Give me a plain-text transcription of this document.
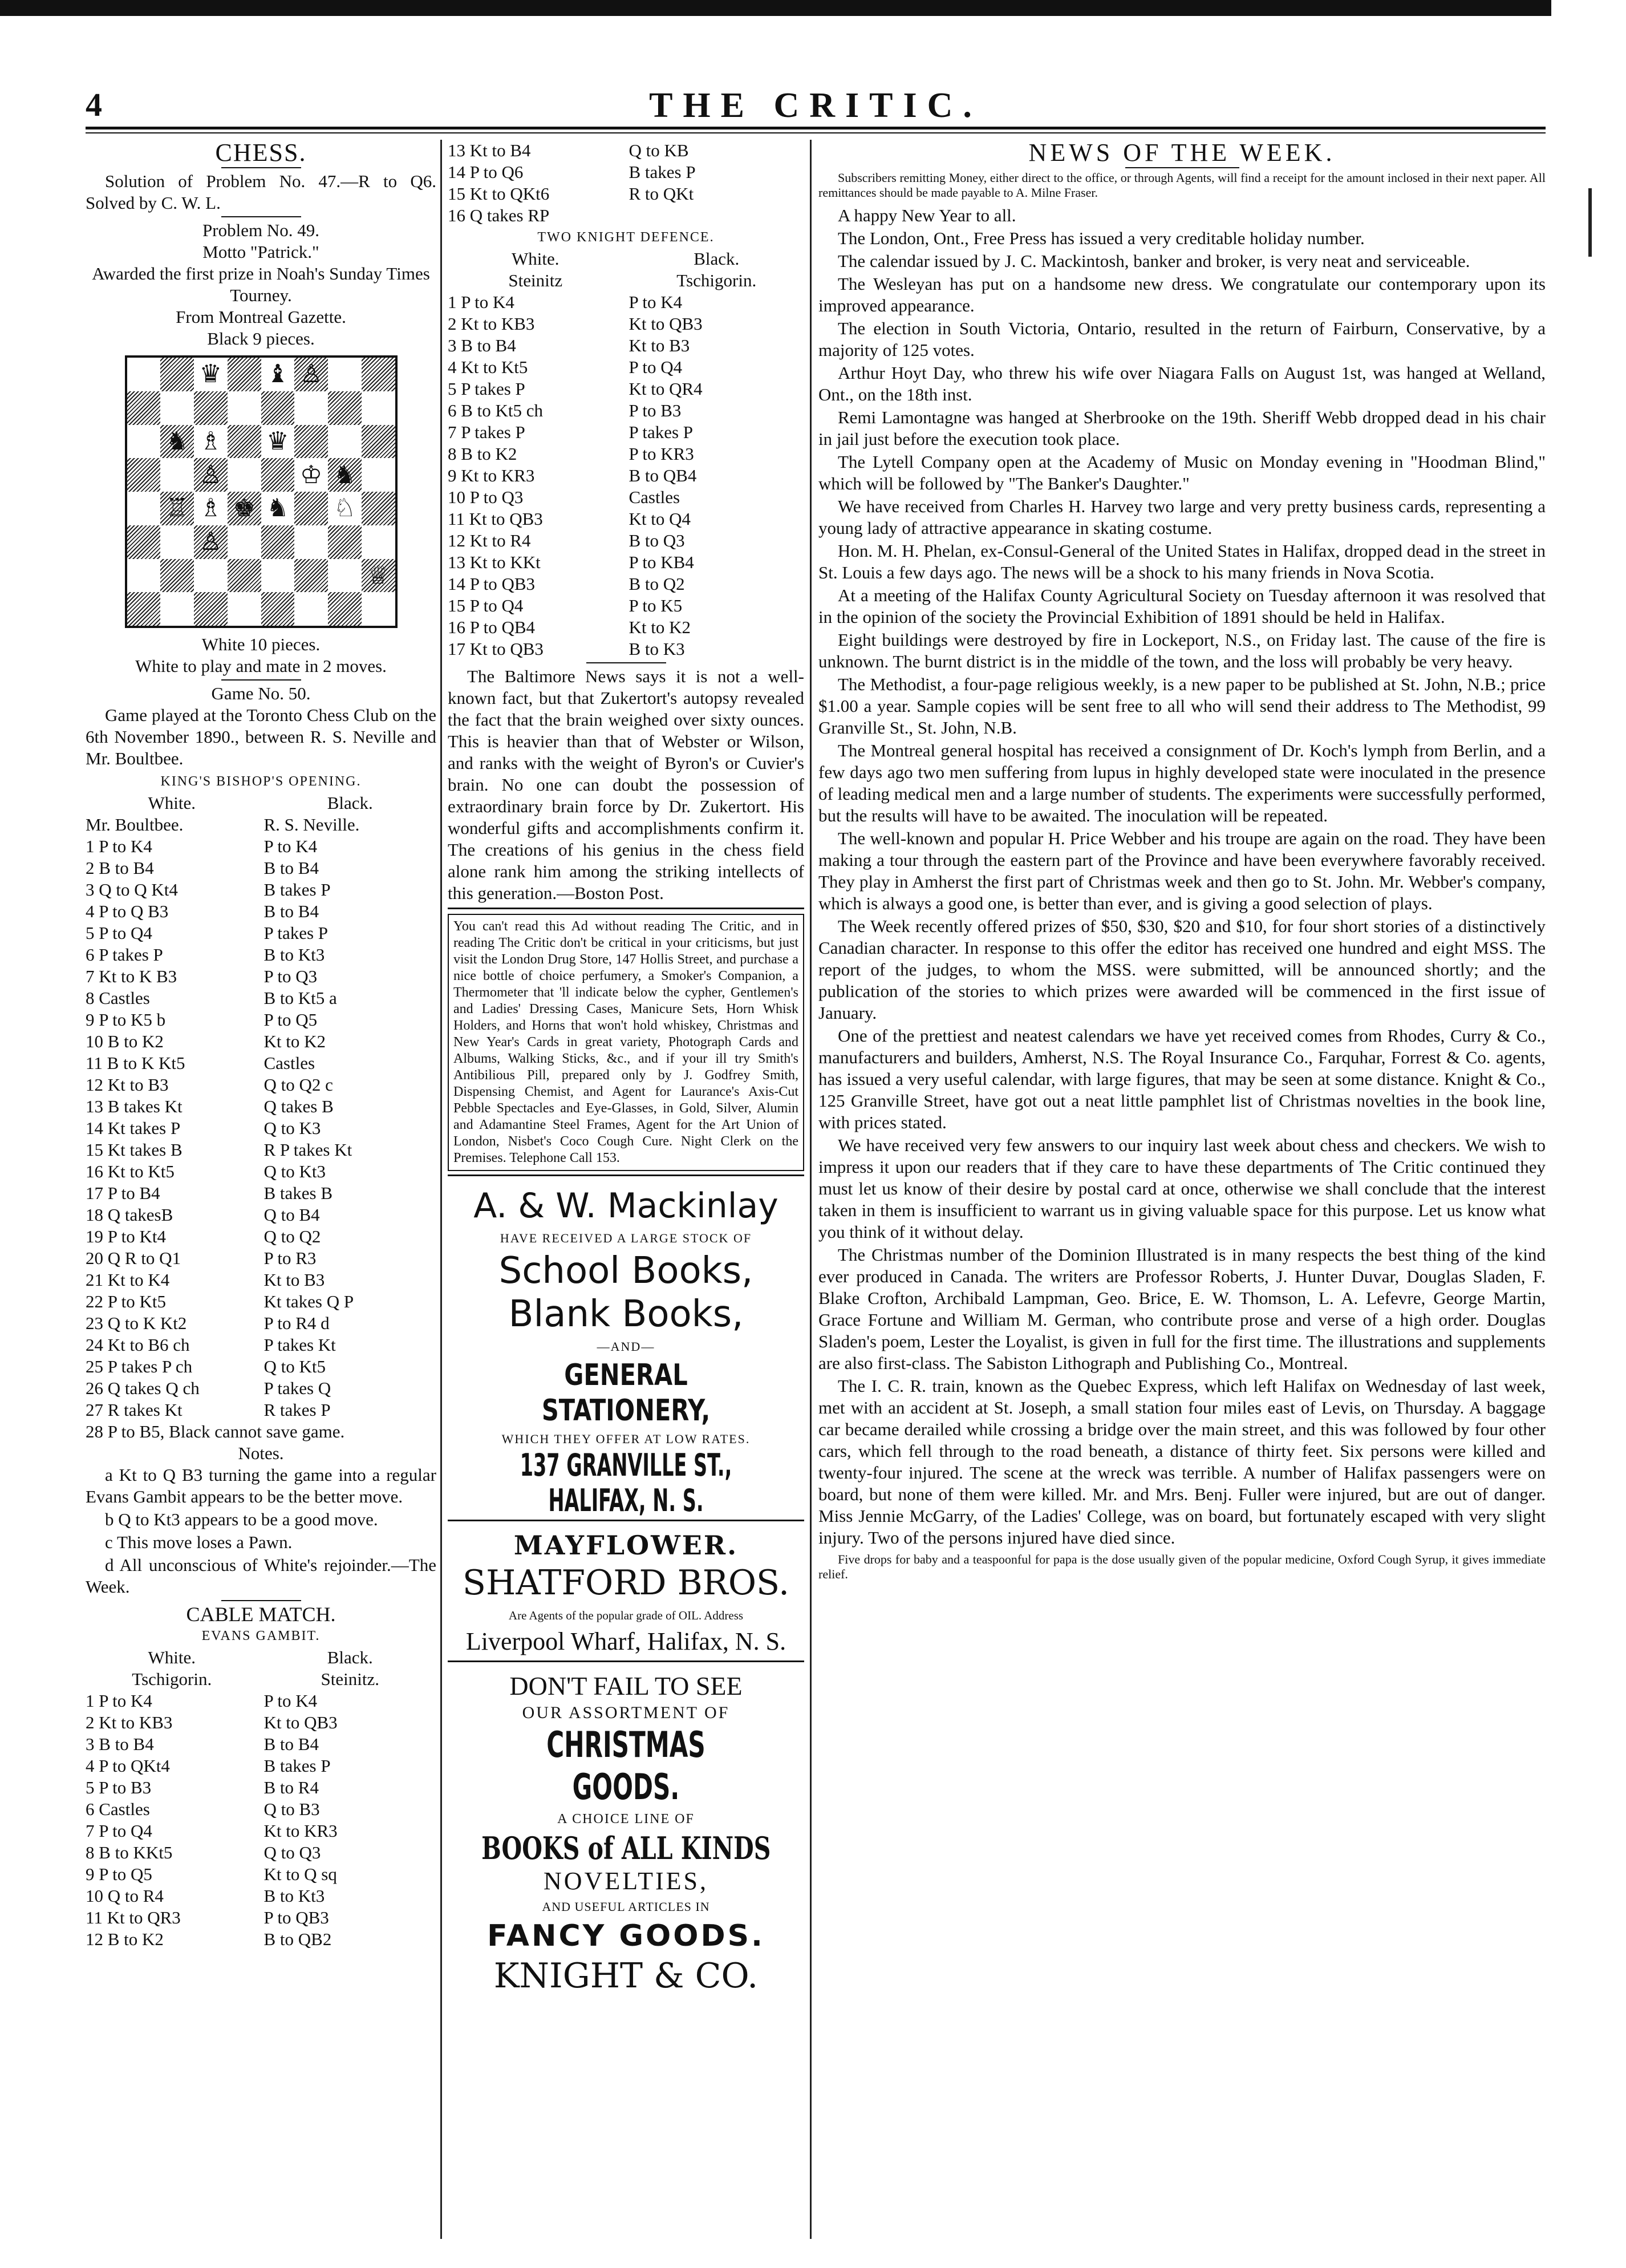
4	THE CRITIC.
CHESS.

Solution of Problem No. 47.—R to Q6. Solved by C. W. L.

Problem No. 49.

Motto "Patrick."

Awarded the first prize in Noah's Sunday Times Tourney.

From Montreal Gazette.

Black 9 pieces.

♛ ♝ ♙
♞ ♗ ♛
♙	♔ ♞
♖ ♗ ♚ ♞ ♘
♙
♕

White 10 pieces.

White to play and mate in 2 moves.

Game No. 50.

Game played at the Toronto Chess Club on the 6th November 1890., between R. S. Neville and Mr. Boultbee.

KING'S BISHOP'S OPENING.

White.	Black.
Mr. Boultbee.	R. S. Neville.
1 P to K4	P to K4
2 B to B4	B to B4
3 Q to Q Kt4	B takes P
4 P to Q B3	B to B4
5 P to Q4	P takes P
6 P takes P	B to Kt3
7 Kt to K B3	P to Q3
8 Castles	B to Kt5 a
9 P to K5 b	P to Q5
10 B to K2	Kt to K2
11 B to K Kt5	Castles
12 Kt to B3	Q to Q2 c
13 B takes Kt	Q takes B
14 Kt takes P	Q to K3
15 Kt takes B	R P takes Kt
16 Kt to Kt5	Q to Kt3
17 P to B4	B takes B
18 Q takesB	Q to B4
19 P to Kt4	Q to Q2
20 Q R to Q1	P to R3
21 Kt to K4	Kt to B3
22 P to Kt5	Kt takes Q P
23 Q to K Kt2	P to R4 d
24 Kt to B6 ch	P takes Kt
25 P takes P ch	Q to Kt5
26 Q takes Q ch	P takes Q
27 R takes Kt	R takes P

28 P to B5, Black cannot save game.

Notes.

a Kt to Q B3 turning the game into a regular Evans Gambit appears to be the better move.

b Q to Kt3 appears to be a good move.

c This move loses a Pawn.

d All unconscious of White's rejoinder.—The Week.

CABLE MATCH.

EVANS GAMBIT.

White.	Black.
Tschigorin.	Steinitz.
1 P to K4	P to K4
2 Kt to KB3	Kt to QB3
3 B to B4	B to B4
4 P to QKt4	B takes P
5 P to B3	B to R4
6 Castles	Q to B3
7 P to Q4	Kt to KR3
8 B to KKt5	Q to Q3
9 P to Q5	Kt to Q sq
10 Q to R4	B to Kt3
11 Kt to QR3	P to QB3
12 B to K2	B to QB2
13 Kt to B4	Q to KB
14 P to Q6	B takes P
15 Kt to QKt6	R to QKt
16 Q takes RP

TWO KNIGHT DEFENCE.

White.	Black.
Steinitz	Tschigorin.
1 P to K4	P to K4
2 Kt to KB3	Kt to QB3
3 B to B4	Kt to B3
4 Kt to Kt5	P to Q4
5 P takes P	Kt to QR4
6 B to Kt5 ch	P to B3
7 P takes P	P takes P
8 B to K2	P to KR3
9 Kt to KR3	B to QB4
10 P to Q3	Castles
11 Kt to QB3	Kt to Q4
12 Kt to R4	B to Q3
13 Kt to KKt	P to KB4
14 P to QB3	B to Q2
15 P to Q4	P to K5
16 P to QB4	Kt to K2
17 Kt to QB3	B to K3

The Baltimore News says it is not a well-known fact, but that Zukertort's autopsy revealed the fact that the brain weighed over sixty ounces. This is heavier than that of Webster or Wilson, and ranks with the weight of Byron's or Cuvier's brain. No one can doubt the possession of extraordinary brain force by Dr. Zukertort. His wonderful gifts and accomplishments confirm it. The creations of his genius in the chess field alone rank him among the striking intellects of this generation.—Boston Post.

You can't read this Ad without reading The Critic, and in reading The Critic don't be critical in your criticisms, but just visit the London Drug Store, 147 Hollis Street, and purchase a nice bottle of choice perfumery, a Smoker's Companion, a Thermometer that 'll indicate below the cypher, Gentlemen's and Ladies' Dressing Cases, Manicure Sets, Horn Whisk Holders, and Horns that won't hold whiskey, Christmas and New Year's Cards in great variety, Photograph Cards and Albums, Walking Sticks, &c., and if your ill try Smith's Antibilious Pill, prepared only by J. Godfrey Smith, Dispensing Chemist, and Agent for Laurance's Axis-Cut Pebble Spectacles and Eye-Glasses, in Gold, Silver, Alumin and Adamantine Steel Frames, Agent for the Art Union of London, Nisbet's Coco Cough Cure. Night Clerk on the Premises. Telephone Call 153.
A. & W. Mackinlay
HAVE RECEIVED A LARGE STOCK OF
School Books,
Blank Books,
—AND—
GENERAL STATIONERY,
WHICH THEY OFFER AT LOW RATES.
137 GRANVILLE ST., HALIFAX, N. S.
MAYFLOWER.
SHATFORD BROS.
Are Agents of the popular grade of OIL. Address
Liverpool Wharf, Halifax, N. S.
DON'T FAIL TO SEE
OUR ASSORTMENT OF
CHRISTMAS GOODS.
A CHOICE LINE OF
BOOKS of ALL KINDS
NOVELTIES,
AND USEFUL ARTICLES IN
FANCY GOODS.
KNIGHT & CO.
NEWS OF THE WEEK.

Subscribers remitting Money, either direct to the office, or through Agents, will find a receipt for the amount inclosed in their next paper. All remittances should be made payable to A. Milne Fraser.

A happy New Year to all.

The London, Ont., Free Press has issued a very creditable holiday number.

The calendar issued by J. C. Mackintosh, banker and broker, is very neat and serviceable.

The Wesleyan has put on a handsome new dress. We congratulate our contemporary upon its improved appearance.

The election in South Victoria, Ontario, resulted in the return of Fairburn, Conservative, by a majority of 125 votes.

Arthur Hoyt Day, who threw his wife over Niagara Falls on August 1st, was hanged at Welland, Ont., on the 18th inst.

Remi Lamontagne was hanged at Sherbrooke on the 19th. Sheriff Webb dropped dead in his chair in jail just before the execution took place.

The Lytell Company open at the Academy of Music on Monday evening in "Hoodman Blind," which will be followed by "The Banker's Daughter."

We have received from Charles H. Harvey two large and very pretty business cards, representing a young lady of attractive appearance in skating costume.

Hon. M. H. Phelan, ex-Consul-General of the United States in Halifax, dropped dead in the street in St. Louis a few days ago. The news will be a shock to his many friends in Nova Scotia.

At a meeting of the Halifax County Agricultural Society on Tuesday afternoon it was resolved that in the opinion of the society the Provincial Exhibition of 1891 should be held in Halifax.

Eight buildings were destroyed by fire in Lockeport, N.S., on Friday last. The cause of the fire is unknown. The burnt district is in the middle of the town, and the loss will probably be very heavy.

The Methodist, a four-page religious weekly, is a new paper to be published at St. John, N.B.; price $1.00 a year. Sample copies will be sent free to all who will send their address to The Methodist, 99 Granville St., St. John, N.B.

The Montreal general hospital has received a consignment of Dr. Koch's lymph from Berlin, and a few days ago two men suffering from lupus in highly developed state were inoculated in the presence of leading medical men and a large number of students. The experiments were successfully performed, but the results will have to be awaited. The inoculation will be repeated.

The well-known and popular H. Price Webber and his troupe are again on the road. They have been making a tour through the eastern part of the Province and have been everywhere favorably received. They play in Amherst the first part of Christmas week and then go to St. John. Mr. Webber's company, which is always a good one, is better than ever, and is giving a good selection of plays.

The Week recently offered prizes of $50, $30, $20 and $10, for four short stories of a distinctively Canadian character. In response to this offer the editor has received one hundred and eight MSS. The report of the judges, to whom the MSS. were submitted, will be announced shortly; and the publication of the stories to which prizes were awarded will be commenced in the first issue of January.

One of the prettiest and neatest calendars we have yet received comes from Rhodes, Curry & Co., manufacturers and builders, Amherst, N.S. The Royal Insurance Co., Farquhar, Forrest & Co. agents, has issued a very useful calendar, with large figures, that may be seen at some distance. Knight & Co., 125 Granville Street, have got out a neat little pamphlet list of Christmas novelties in the book line, with prices stated.

We have received very few answers to our inquiry last week about chess and checkers. We wish to impress it upon our readers that if they care to have these departments of The Critic continued they must let us know of their desire by postal card at once, otherwise we shall conclude that the interest taken in them is insufficient to warrant us in giving valuable space for this purpose. Let us know what you think of it without delay.

The Christmas number of the Dominion Illustrated is in many respects the best thing of the kind ever produced in Canada. The writers are Professor Roberts, J. Hunter Duvar, Douglas Sladen, F. Blake Crofton, Archibald Lampman, Geo. Brice, E. W. Thomson, L. A. Lefevre, George Martin, Grace Fortune and William M. German, who contribute prose and verse of a high order. Douglas Sladen's poem, Lester the Loyalist, is given in full for the first time. The illustrations and supplements are also first-class. The Sabiston Lithograph and Publishing Co., Montreal.

The I. C. R. train, known as the Quebec Express, which left Halifax on Wednesday of last week, met with an accident at St. Joseph, a small station four miles east of Levis, on Thursday. A baggage car became derailed while crossing a bridge over the main street, and this was followed by four other cars, which fell through to the road beneath, a distance of thirty feet. Six persons were killed and twenty-four injured. The scene at the wreck was terrible. A number of Halifax passengers were on board, but none of them were killed. Mr. and Mrs. Benj. Fuller were injured, but are out of danger. Miss Jennie McGarry, of the Ladies' College, was on board, but fortunately escaped with very slight injury. Two of the persons injured have died since.

Five drops for baby and a teaspoonful for papa is the dose usually given of the popular medicine, Oxford Cough Syrup, it gives immediate relief.
